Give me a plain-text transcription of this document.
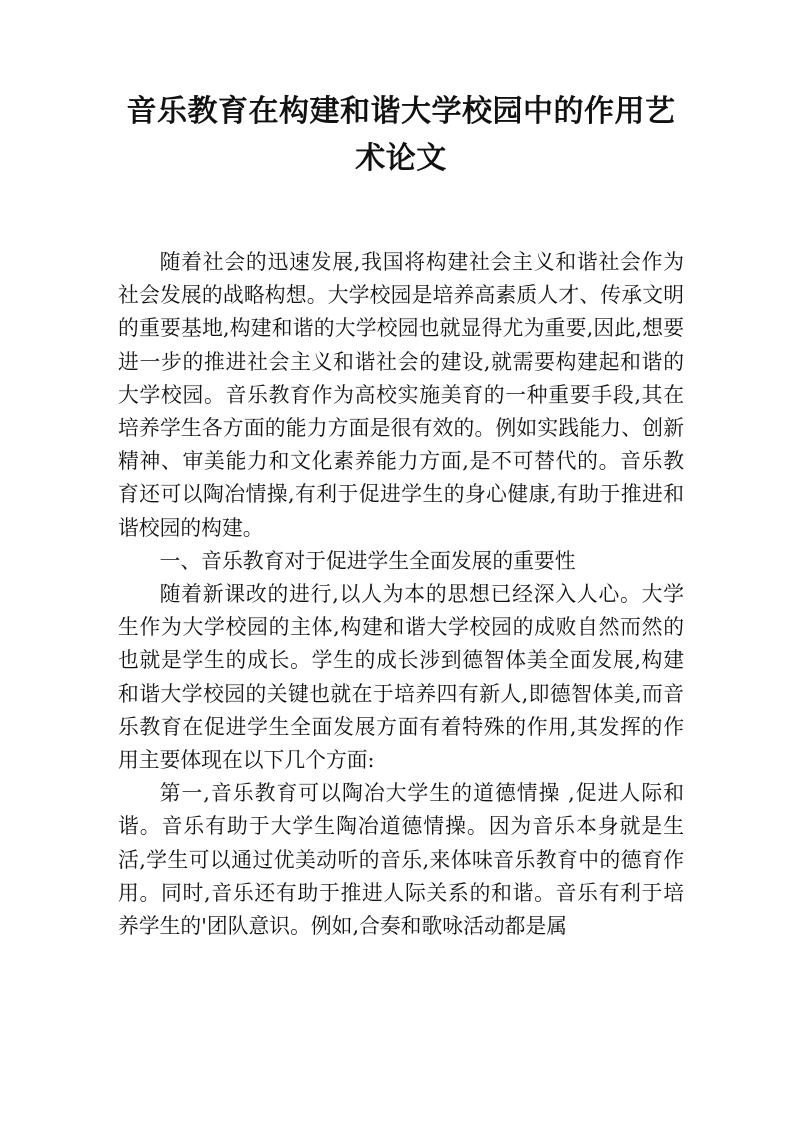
音乐教育在构建和谐大学校园中的作用艺术论文

随着社会的迅速发展,我国将构建社会主义和谐社会作为社会发展的战略构想。大学校园是培养高素质人才、传承文明的重要基地,构建和谐的大学校园也就显得尤为重要,因此,想要进一步的推进社会主义和谐社会的建设,就需要构建起和谐的大学校园。音乐教育作为高校实施美育的一种重要手段,其在培养学生各方面的能力方面是很有效的。例如实践能力、创新精神、审美能力和文化素养能力方面,是不可替代的。音乐教育还可以陶冶情操,有利于促进学生的身心健康,有助于推进和谐校园的构建。

一、音乐教育对于促进学生全面发展的重要性

随着新课改的进行,以人为本的思想已经深入人心。大学生作为大学校园的主体,构建和谐大学校园的成败自然而然的也就是学生的成长。学生的成长涉到德智体美全面发展,构建和谐大学校园的关键也就在于培养四有新人,即德智体美,而音乐教育在促进学生全面发展方面有着特殊的作用,其发挥的作用主要体现在以下几个方面:

第一,音乐教育可以陶冶大学生的道德情操 ,促进人际和谐。音乐有助于大学生陶冶道德情操。因为音乐本身就是生活,学生可以通过优美动听的音乐,来体味音乐教育中的德育作用。同时,音乐还有助于推进人际关系的和谐。音乐有利于培养学生的'团队意识。例如,合奏和歌咏活动都是属
